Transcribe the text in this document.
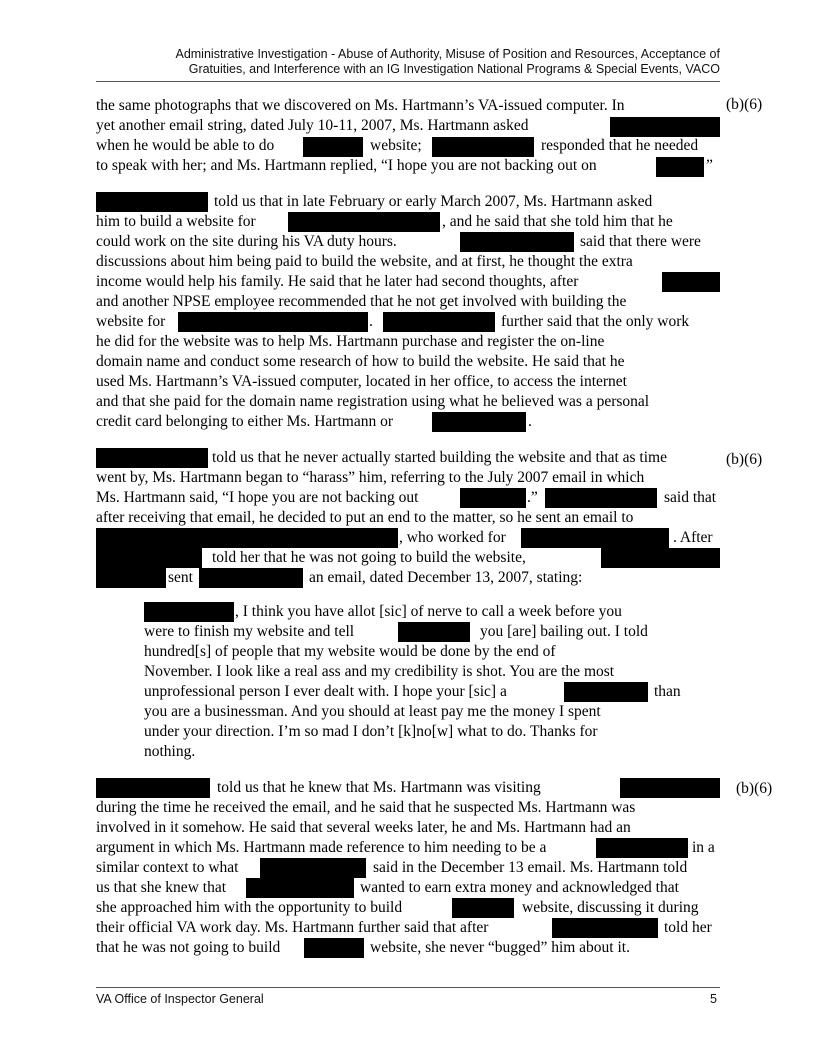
Administrative Investigation - Abuse of Authority, Misuse of Position and Resources, Acceptance of
Gratuities, and Interference with an IG Investigation National Programs & Special Events, VACO
(b)(6)
(b)(6)
(b)(6)
the same photographs that we discovered on Ms. Hartmann’s VA-issued computer. In
yet another email string, dated July 10-11, 2007, Ms. Hartmann asked
when he would be able to do	website;	responded that he needed
to speak with her; and Ms. Hartmann replied, “I hope you are not backing out on	”
told us that in late February or early March 2007, Ms. Hartmann asked
him to build a website for	, and he said that she told him that he
could work on the site during his VA duty hours.	said that there were
discussions about him being paid to build the website, and at first, he thought the extra
income would help his family. He said that he later had second thoughts, after
and another NPSE employee recommended that he not get involved with building the
website for	.	further said that the only work
he did for the website was to help Ms. Hartmann purchase and register the on-line
domain name and conduct some research of how to build the website. He said that he
used Ms. Hartmann’s VA-issued computer, located in her office, to access the internet
and that she paid for the domain name registration using what he believed was a personal
credit card belonging to either Ms. Hartmann or	.
told us that he never actually started building the website and that as time
went by, Ms. Hartmann began to “harass” him, referring to the July 2007 email in which
Ms. Hartmann said, “I hope you are not backing out	.”	said that
after receiving that email, he decided to put an end to the matter, so he sent an email to
, who worked for	. After
told her that he was not going to build the website,
sent	an email, dated December 13, 2007, stating:
, I think you have allot [sic] of nerve to call a week before you
were to finish my website and tell	you [are] bailing out. I told
hundred[s] of people that my website would be done by the end of
November. I look like a real ass and my credibility is shot. You are the most
unprofessional person I ever dealt with. I hope your [sic] a	than
you are a businessman. And you should at least pay me the money I spent
under your direction. I’m so mad I don’t [k]no[w] what to do. Thanks for
nothing.
told us that he knew that Ms. Hartmann was visiting
during the time he received the email, and he said that he suspected Ms. Hartmann was
involved in it somehow. He said that several weeks later, he and Ms. Hartmann had an
argument in which Ms. Hartmann made reference to him needing to be a	in a
similar context to what	said in the December 13 email. Ms. Hartmann told
us that she knew that	wanted to earn extra money and acknowledged that
she approached him with the opportunity to build	website, discussing it during
their official VA work day. Ms. Hartmann further said that after	told her
that he was not going to build	website, she never “bugged” him about it.
VA Office of Inspector General	5
